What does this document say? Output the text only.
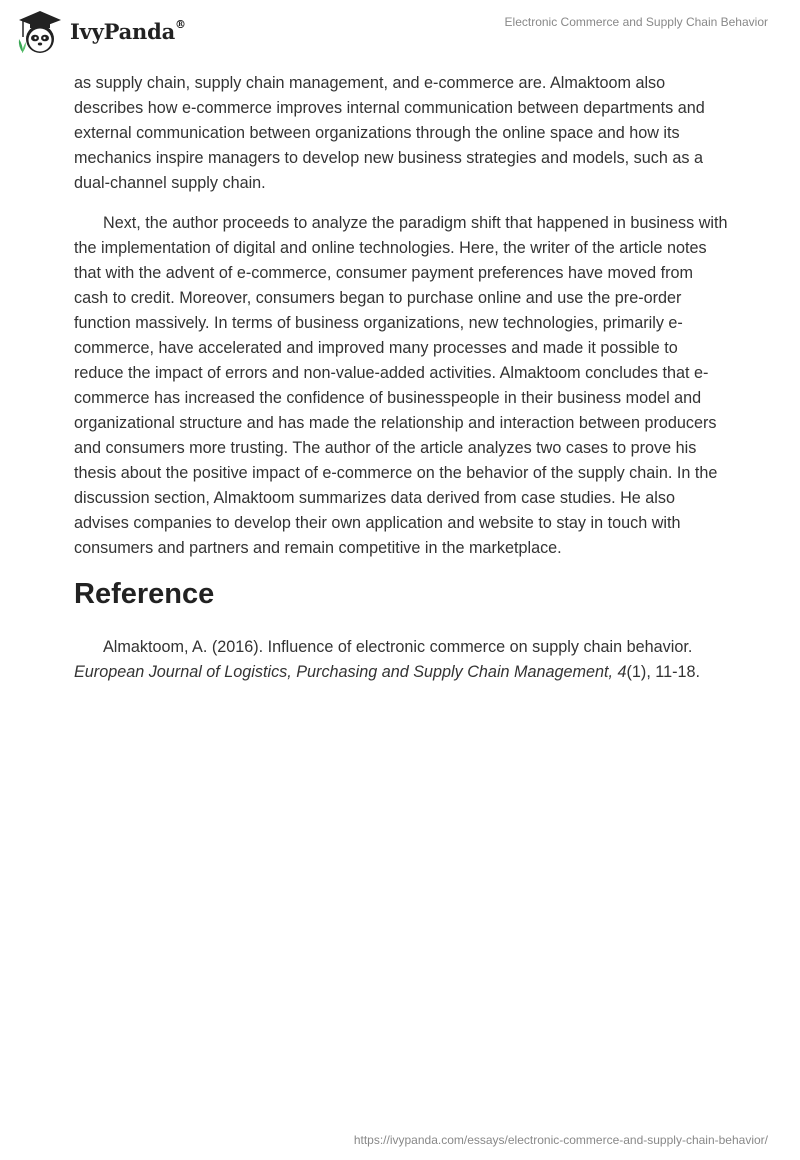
IvyPanda®	Electronic Commerce and Supply Chain Behavior

as supply chain, supply chain management, and e-commerce are. Almaktoom also describes how e-commerce improves internal communication between departments and external communication between organizations through the online space and how its mechanics inspire managers to develop new business strategies and models, such as a dual-channel supply chain.

Next, the author proceeds to analyze the paradigm shift that happened in business with the implementation of digital and online technologies. Here, the writer of the article notes that with the advent of e-commerce, consumer payment preferences have moved from cash to credit. Moreover, consumers began to purchase online and use the pre-order function massively. In terms of business organizations, new technologies, primarily e-commerce, have accelerated and improved many processes and made it possible to reduce the impact of errors and non-value-added activities. Almaktoom concludes that e-commerce has increased the confidence of businesspeople in their business model and organizational structure and has made the relationship and interaction between producers and consumers more trusting. The author of the article analyzes two cases to prove his thesis about the positive impact of e-commerce on the behavior of the supply chain. In the discussion section, Almaktoom summarizes data derived from case studies. He also advises companies to develop their own application and website to stay in touch with consumers and partners and remain competitive in the marketplace.

Reference

Almaktoom, A. (2016). Influence of electronic commerce on supply chain behavior.
European Journal of Logistics, Purchasing and Supply Chain Management, 4(1), 11-18.

https://ivypanda.com/essays/electronic-commerce-and-supply-chain-behavior/
